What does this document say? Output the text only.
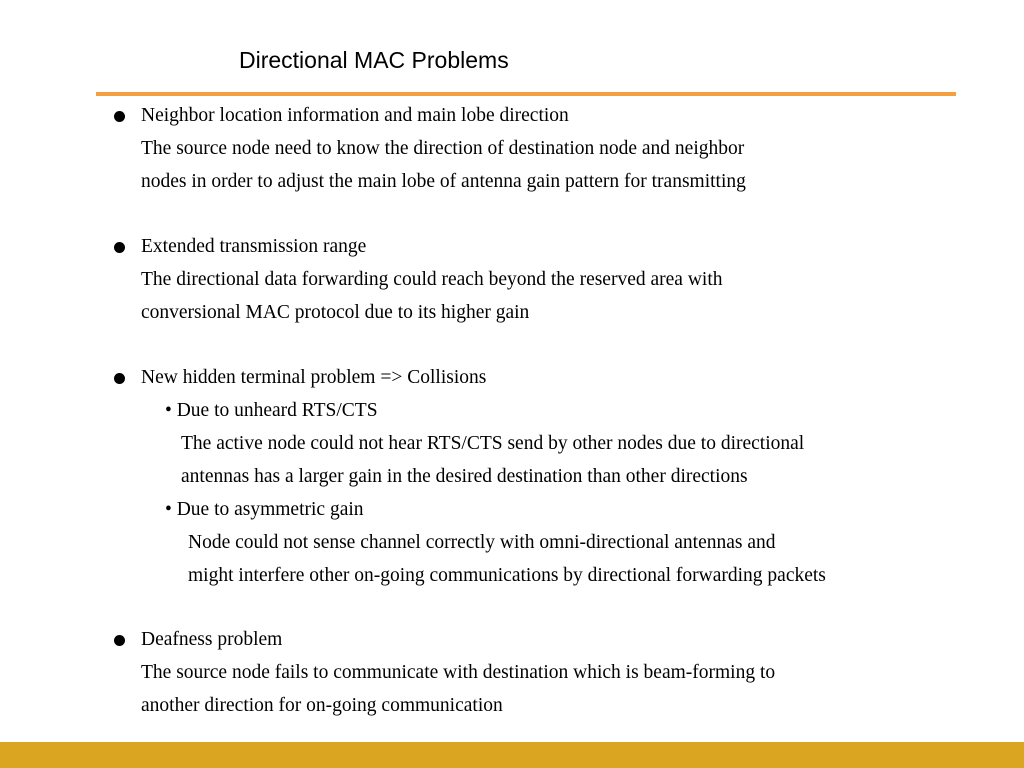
Directional MAC Problems
Neighbor location information and main lobe direction
The source node need to know the direction of destination node and neighbor
nodes in order to adjust the main lobe of antenna gain pattern for transmitting
Extended transmission range
The directional data forwarding could reach beyond the reserved area with
conversional MAC protocol due to its higher gain
New hidden terminal problem => Collisions
• Due to unheard RTS/CTS
The active node could not hear RTS/CTS send by other nodes due to directional
antennas has a larger gain in the desired destination than other directions
• Due to asymmetric gain
Node could not sense channel correctly with omni-directional antennas and
might interfere other on-going communications by directional forwarding packets
Deafness problem
The source node fails to communicate with destination which is beam-forming to
another direction for on-going communication
